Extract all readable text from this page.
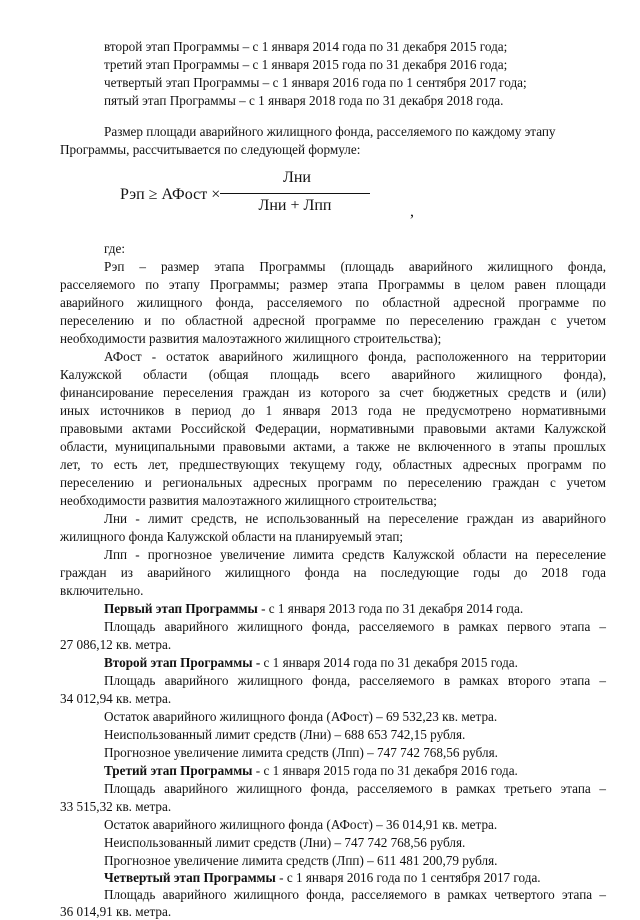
второй этап Программы – с 1 января 2014 года по 31 декабря 2015 года;
третий этап Программы – с 1 января 2015 года по 31 декабря 2016 года;
четвертый этап Программы – с 1 января 2016 года по 1 сентября 2017 года;
пятый этап Программы – с 1 января 2018 года по 31 декабря 2018 года.
Размер площади аварийного жилищного фонда, расселяемого по каждому этапу
Программы, рассчитывается по следующей формуле:
Рэп ≥ АФост ×
Лни
Лни + Лпп	,
где:
Рэп – размер этапа Программы (площадь аварийного жилищного фонда,
расселяемого по этапу Программы; размер этапа Программы в целом равен площади
аварийного жилищного фонда, расселяемого по областной адресной программе по
переселению и по областной адресной программе по переселению граждан с учетом
необходимости развития малоэтажного жилищного строительства);
АФост - остаток аварийного жилищного фонда, расположенного на территории
Калужской области (общая площадь всего аварийного жилищного фонда),
финансирование переселения граждан из которого за счет бюджетных средств и (или)
иных источников в период до 1 января 2013 года не предусмотрено нормативными
правовыми актами Российской Федерации, нормативными правовыми актами Калужской
области, муниципальными правовыми актами, а также не включенного в этапы прошлых
лет, то есть лет, предшествующих текущему году, областных адресных программ по
переселению и региональных адресных программ по переселению граждан с учетом
необходимости развития малоэтажного жилищного строительства;
Лни - лимит средств, не использованный на переселение граждан из аварийного
жилищного фонда Калужской области на планируемый этап;
Лпп - прогнозное увеличение лимита средств Калужской области на переселение
граждан из аварийного жилищного фонда на последующие годы до 2018 года
включительно.
Первый этап Программы - с 1 января 2013 года по 31 декабря 2014 года.
Площадь аварийного жилищного фонда, расселяемого в рамках первого этапа –
27 086,12 кв. метра.
Второй этап Программы - с 1 января 2014 года по 31 декабря 2015 года.
Площадь аварийного жилищного фонда, расселяемого в рамках второго этапа –
34 012,94 кв. метра.
Остаток аварийного жилищного фонда (АФост) – 69 532,23 кв. метра.
Неиспользованный лимит средств (Лни) – 688 653 742,15 рубля.
Прогнозное увеличение лимита средств (Лпп) – 747 742 768,56 рубля.
Третий этап Программы - с 1 января 2015 года по 31 декабря 2016 года.
Площадь аварийного жилищного фонда, расселяемого в рамках третьего этапа –
33 515,32 кв. метра.
Остаток аварийного жилищного фонда (АФост) – 36 014,91 кв. метра.
Неиспользованный лимит средств (Лни) – 747 742 768,56 рубля.
Прогнозное увеличение лимита средств (Лпп) – 611 481 200,79 рубля.
Четвертый этап Программы - с 1 января 2016 года по 1 сентября 2017 года.
Площадь аварийного жилищного фонда, расселяемого в рамках четвертого этапа –
36 014,91 кв. метра.
